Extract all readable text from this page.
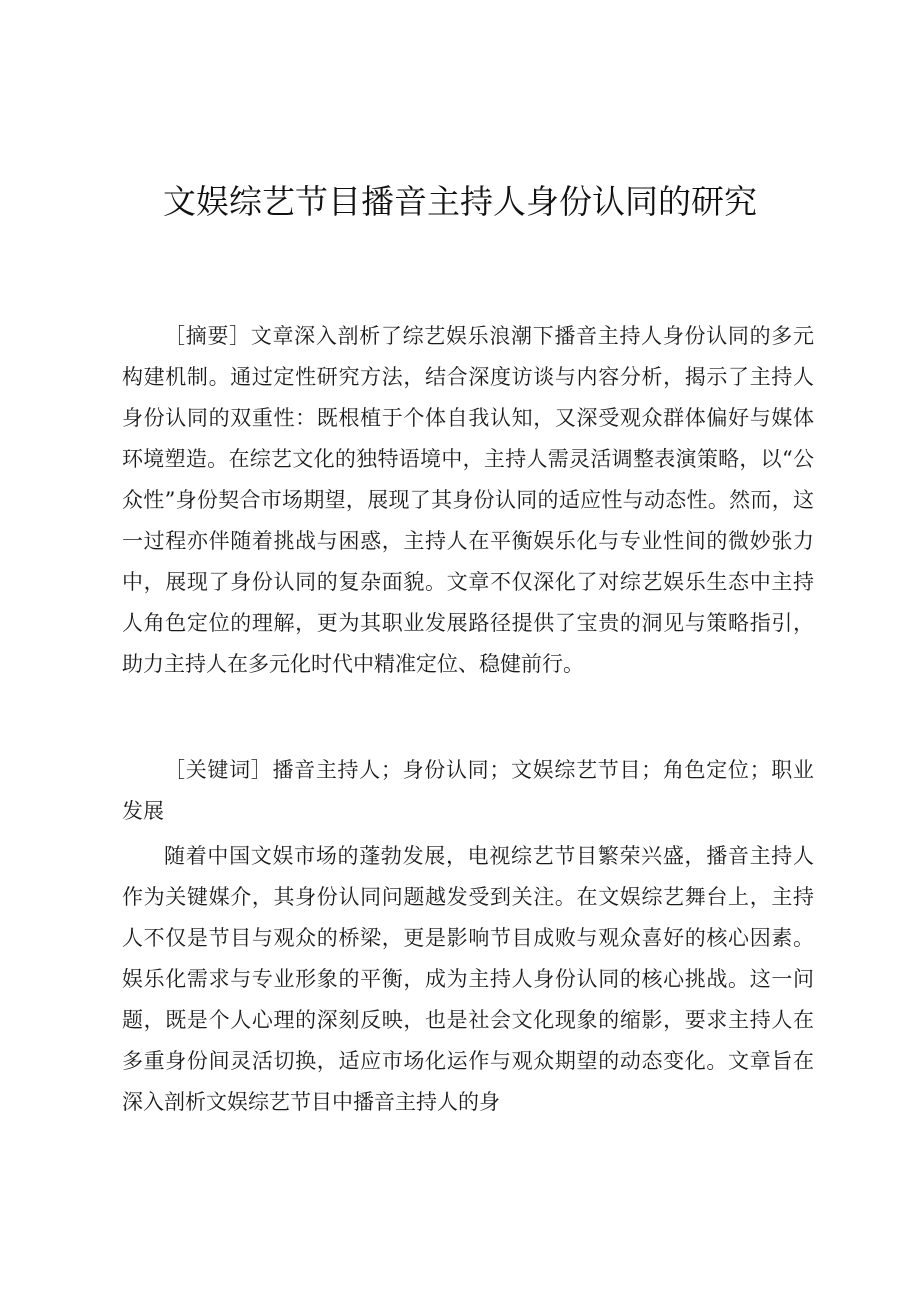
文娱综艺节目播音主持人身份认同的研究

［摘要］文章深入剖析了综艺娱乐浪潮下播音主持人身份认同的多元构建机制。通过定性研究方法，结合深度访谈与内容分析，揭示了主持人身份认同的双重性：既根植于个体自我认知，又深受观众群体偏好与媒体环境塑造。在综艺文化的独特语境中，主持人需灵活调整表演策略，以“公众性”身份契合市场期望，展现了其身份认同的适应性与动态性。然而，这一过程亦伴随着挑战与困惑，主持人在平衡娱乐化与专业性间的微妙张力中，展现了身份认同的复杂面貌。文章不仅深化了对综艺娱乐生态中主持人角色定位的理解，更为其职业发展路径提供了宝贵的洞见与策略指引，助力主持人在多元化时代中精准定位、稳健前行。

［关键词］播音主持人；身份认同；文娱综艺节目；角色定位；职业发展

随着中国文娱市场的蓬勃发展，电视综艺节目繁荣兴盛，播音主持人作为关键媒介，其身份认同问题越发受到关注。在文娱综艺舞台上，主持人不仅是节目与观众的桥梁，更是影响节目成败与观众喜好的核心因素。娱乐化需求与专业形象的平衡，成为主持人身份认同的核心挑战。这一问题，既是个人心理的深刻反映，也是社会文化现象的缩影，要求主持人在多重身份间灵活切换，适应市场化运作与观众期望的动态变化。文章旨在深入剖析文娱综艺节目中播音主持人的身
